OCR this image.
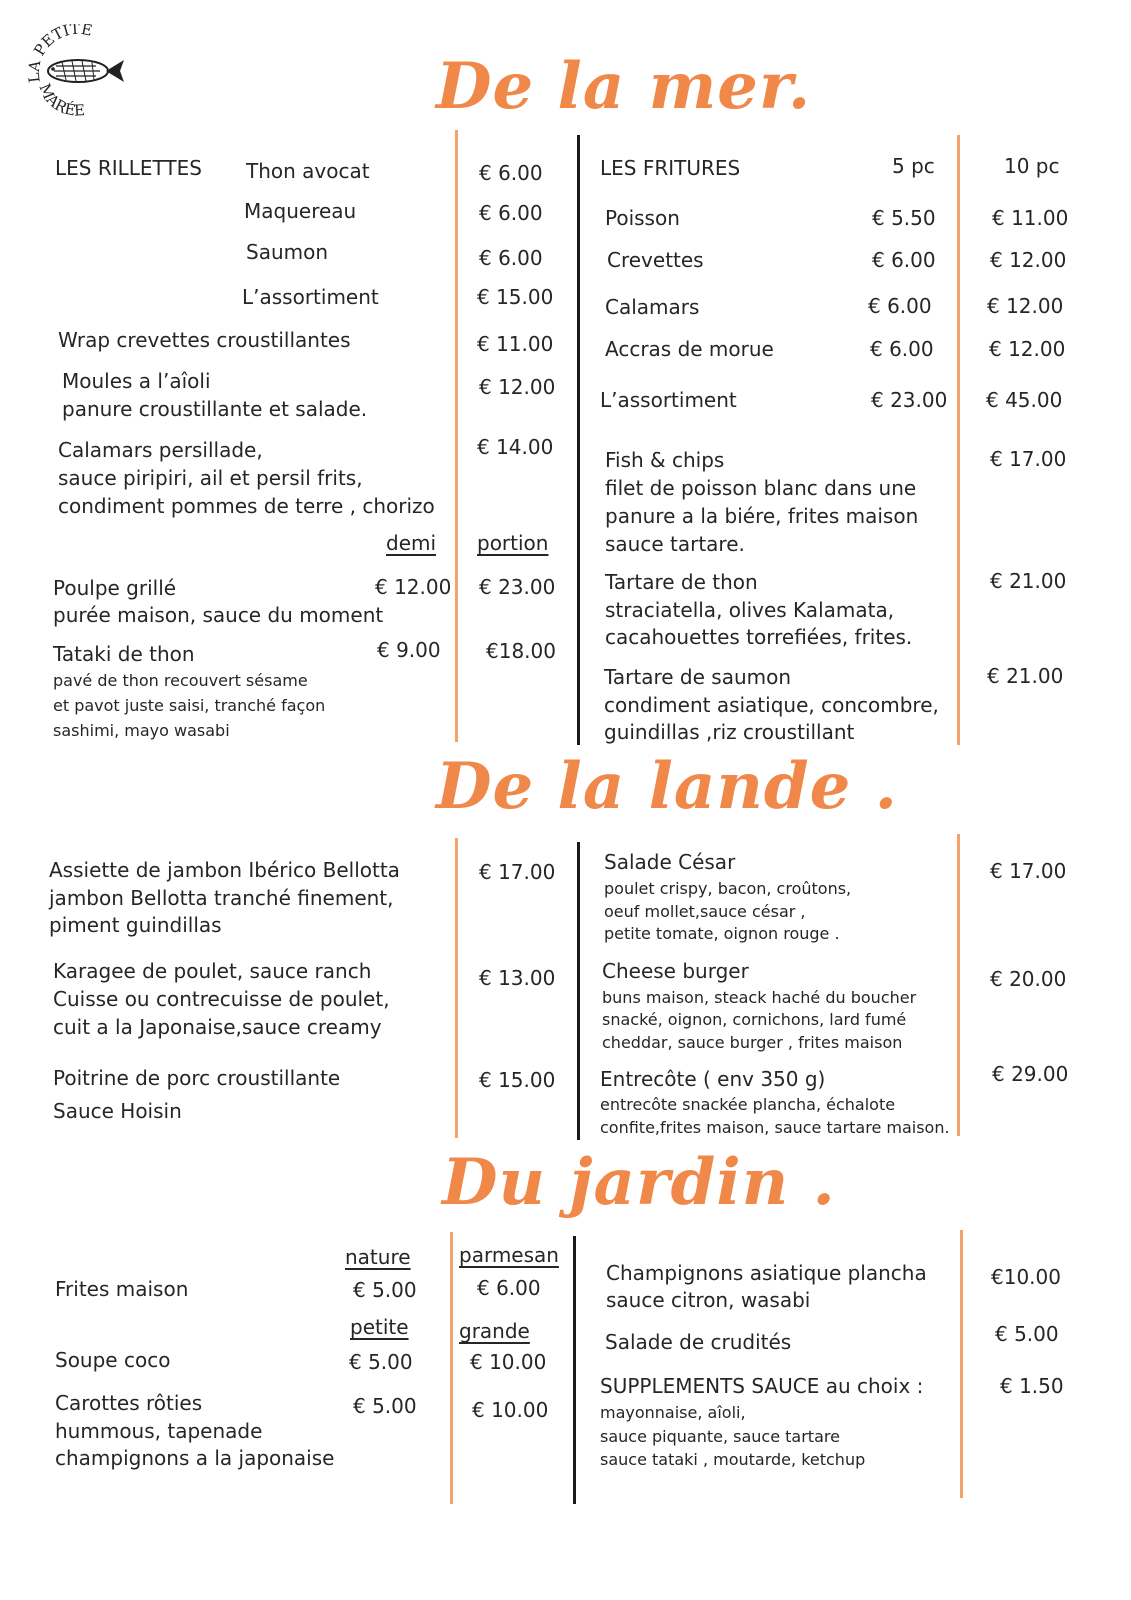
LA PETITE
MARÉE	De la mer.
De la lande .
Du jardin .
LES RILLETTES Thon avocat	€ 6.00
Maquereau	€ 6.00
Saumon	€ 6.00
L’assortiment	€ 15.00
Wrap crevettes croustillantes	€ 11.00
Moules a l’aîoli
panure croustillante et salade.
€ 12.00
Calamars persillade,
sauce piripiri, ail et persil frits,
condiment pommes de terre , chorizo
€ 14.00
demi portion
Poulpe grillé
purée maison, sauce du moment
€ 12.00 € 23.00
Tataki de thon
pavé de thon recouvert sésame
et pavot juste saisi, tranché façon
sashimi, mayo wasabi
€ 9.00 €18.00
LES FRITURES	5 pc	10 pc
Poisson	€ 5.50	€ 11.00
Crevettes	€ 6.00	€ 12.00
Calamars	€ 6.00	€ 12.00
Accras de morue	€ 6.00	€ 12.00
L’assortiment	€ 23.00 € 45.00
Fish & chips
filet de poisson blanc dans une
panure a la biére, frites maison
sauce tartare.
€ 17.00
Tartare de thon
straciatella, olives Kalamata,
cacahouettes torrefiées, frites.
€ 21.00
Tartare de saumon
condiment asiatique, concombre,
guindillas ,riz croustillant
€ 21.00
Assiette de jambon Ibérico Bellotta
jambon Bellotta tranché finement,
piment guindillas
€ 17.00
Karagee de poulet, sauce ranch
Cuisse ou contrecuisse de poulet,
cuit a la Japonaise,sauce creamy
€ 13.00
Poitrine de porc croustillante
Sauce Hoisin
€ 15.00
Salade César
poulet crispy, bacon, croûtons,
oeuf mollet,sauce césar ,
petite tomate, oignon rouge .
€ 17.00
Cheese burger
buns maison, steack haché du boucher
snacké, oignon, cornichons, lard fumé
cheddar, sauce burger , frites maison
€ 20.00
Entrecôte ( env 350 g)
entrecôte snackée plancha, échalote
confite,frites maison, sauce tartare maison.
€ 29.00
nature parmesan
Frites maison	€ 5.00	€ 6.00
petite	grande
Soupe coco	€ 5.00	€ 10.00
Carottes rôties
hummous, tapenade
champignons a la japonaise
€ 5.00	€ 10.00
Champignons asiatique plancha
sauce citron, wasabi
€10.00
Salade de crudités	€ 5.00
SUPPLEMENTS SAUCE au choix :
mayonnaise, aîoli,
sauce piquante, sauce tartare
sauce tataki , moutarde, ketchup
€ 1.50
